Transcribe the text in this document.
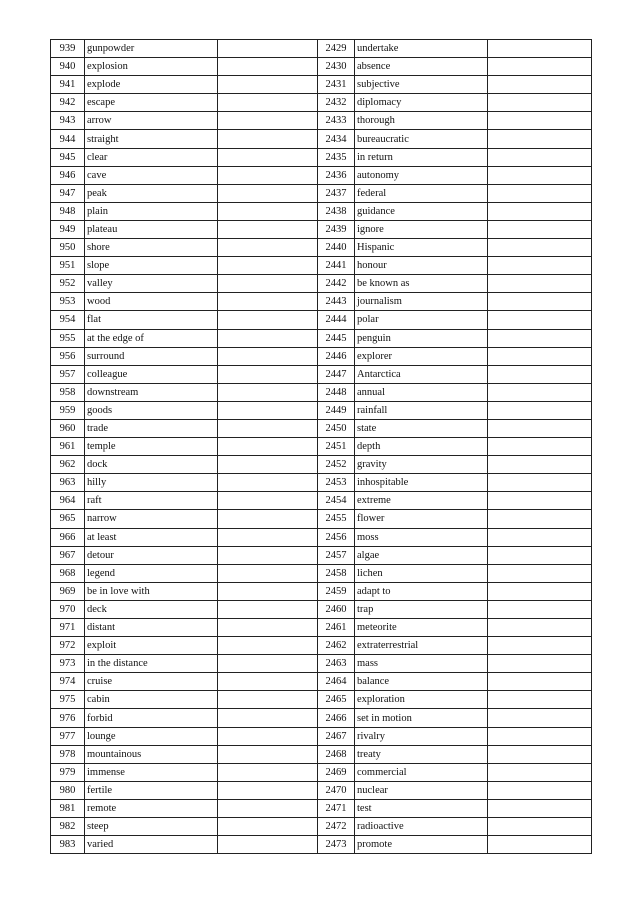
939	gunpowder		2429	undertake	
940	explosion		2430	absence	
941	explode		2431	subjective	
942	escape		2432	diplomacy	
943	arrow		2433	thorough	
944	straight		2434	bureaucratic	
945	clear		2435	in return	
946	cave		2436	autonomy	
947	peak		2437	federal	
948	plain		2438	guidance	
949	plateau		2439	ignore	
950	shore		2440	Hispanic	
951	slope		2441	honour	
952	valley		2442	be known as	
953	wood		2443	journalism	
954	flat		2444	polar	
955	at the edge of		2445	penguin	
956	surround		2446	explorer	
957	colleague		2447	Antarctica	
958	downstream		2448	annual	
959	goods		2449	rainfall	
960	trade		2450	state	
961	temple		2451	depth	
962	dock		2452	gravity	
963	hilly		2453	inhospitable	
964	raft		2454	extreme	
965	narrow		2455	flower	
966	at least		2456	moss	
967	detour		2457	algae	
968	legend		2458	lichen	
969	be in love with		2459	adapt to	
970	deck		2460	trap	
971	distant		2461	meteorite	
972	exploit		2462	extraterrestrial	
973	in the distance		2463	mass	
974	cruise		2464	balance	
975	cabin		2465	exploration	
976	forbid		2466	set in motion	
977	lounge		2467	rivalry	
978	mountainous		2468	treaty	
979	immense		2469	commercial	
980	fertile		2470	nuclear	
981	remote		2471	test	
982	steep		2472	radioactive	
983	varied		2473	promote	
